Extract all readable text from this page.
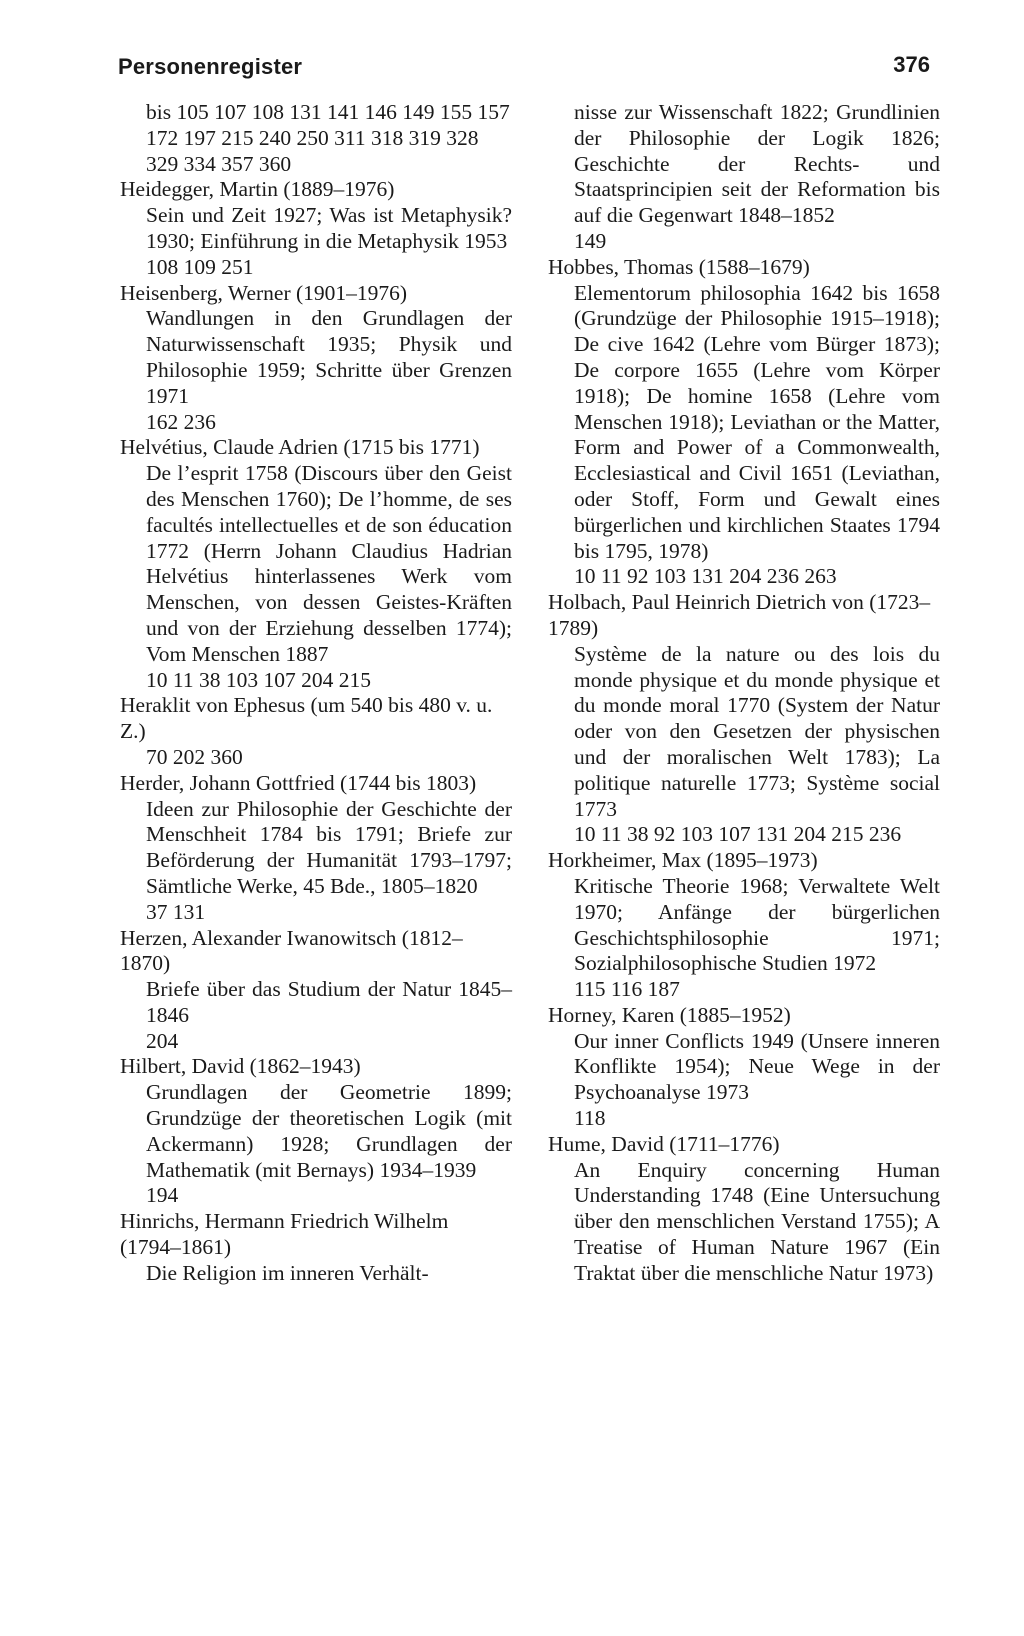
Personenregister	376
bis 105 107 108 131 141 146 149 155 157 172 197 215 240 250 311 318 319 328 329 334 357 360
Heidegger, Martin (1889–1976)
Sein und Zeit 1927; Was ist Metaphysik? 1930; Einführung in die Metaphysik 1953
108 109 251
Heisenberg, Werner (1901–1976)
Wandlungen in den Grundlagen der Naturwissenschaft 1935; Physik und Philosophie 1959; Schritte über Grenzen 1971
162 236
Helvétius, Claude Adrien (1715 bis 1771)
De l’esprit 1758 (Discours über den Geist des Menschen 1760); De l’homme, de ses facultés intellectuelles et de son éducation 1772 (Herrn Johann Claudius Hadrian Helvétius hinterlassenes Werk vom Menschen, von dessen Geistes-Kräften und von der Erziehung desselben 1774); Vom Menschen 1887
10 11 38 103 107 204 215
Heraklit von Ephesus (um 540 bis 480 v. u. Z.)
70 202 360
Herder, Johann Gottfried (1744 bis 1803)
Ideen zur Philosophie der Geschichte der Menschheit 1784 bis 1791; Briefe zur Beförderung der Humanität 1793–1797; Sämtliche Werke, 45 Bde., 1805–1820
37 131
Herzen, Alexander Iwanowitsch (1812–1870)
Briefe über das Studium der Natur 1845–1846
204
Hilbert, David (1862–1943)
Grundlagen der Geometrie 1899; Grundzüge der theoretischen Logik (mit Ackermann) 1928; Grundlagen der Mathematik (mit Bernays) 1934–1939
194
Hinrichs, Hermann Friedrich Wilhelm (1794–1861)
Die Religion im inneren Verhält-
nisse zur Wissenschaft 1822; Grundlinien der Philosophie der Logik 1826; Geschichte der Rechts- und Staatsprincipien seit der Reformation bis auf die Gegenwart 1848–1852
149
Hobbes, Thomas (1588–1679)
Elementorum philosophia 1642 bis 1658 (Grundzüge der Philosophie 1915–1918); De cive 1642 (Lehre vom Bürger 1873); De corpore 1655 (Lehre vom Körper 1918); De homine 1658 (Lehre vom Menschen 1918); Leviathan or the Matter, Form and Power of a Commonwealth, Ecclesiastical and Civil 1651 (Leviathan, oder Stoff, Form und Gewalt eines bürgerlichen und kirchlichen Staates 1794 bis 1795, 1978)
10 11 92 103 131 204 236 263
Holbach, Paul Heinrich Dietrich von (1723–1789)
Système de la nature ou des lois du monde physique et du monde physique et du monde moral 1770 (System der Natur oder von den Gesetzen der physischen und der moralischen Welt 1783); La politique naturelle 1773; Système social 1773
10 11 38 92 103 107 131 204 215 236
Horkheimer, Max (1895–1973)
Kritische Theorie 1968; Verwaltete Welt 1970; Anfänge der bürgerlichen Geschichtsphilosophie 1971; Sozialphilosophische Studien 1972
115 116 187
Horney, Karen (1885–1952)
Our inner Conflicts 1949 (Unsere inneren Konflikte 1954); Neue Wege in der Psychoanalyse 1973
118
Hume, David (1711–1776)
An Enquiry concerning Human Understanding 1748 (Eine Untersuchung über den menschlichen Verstand 1755); A Treatise of Human Nature 1967 (Ein Traktat über die menschliche Natur 1973)
